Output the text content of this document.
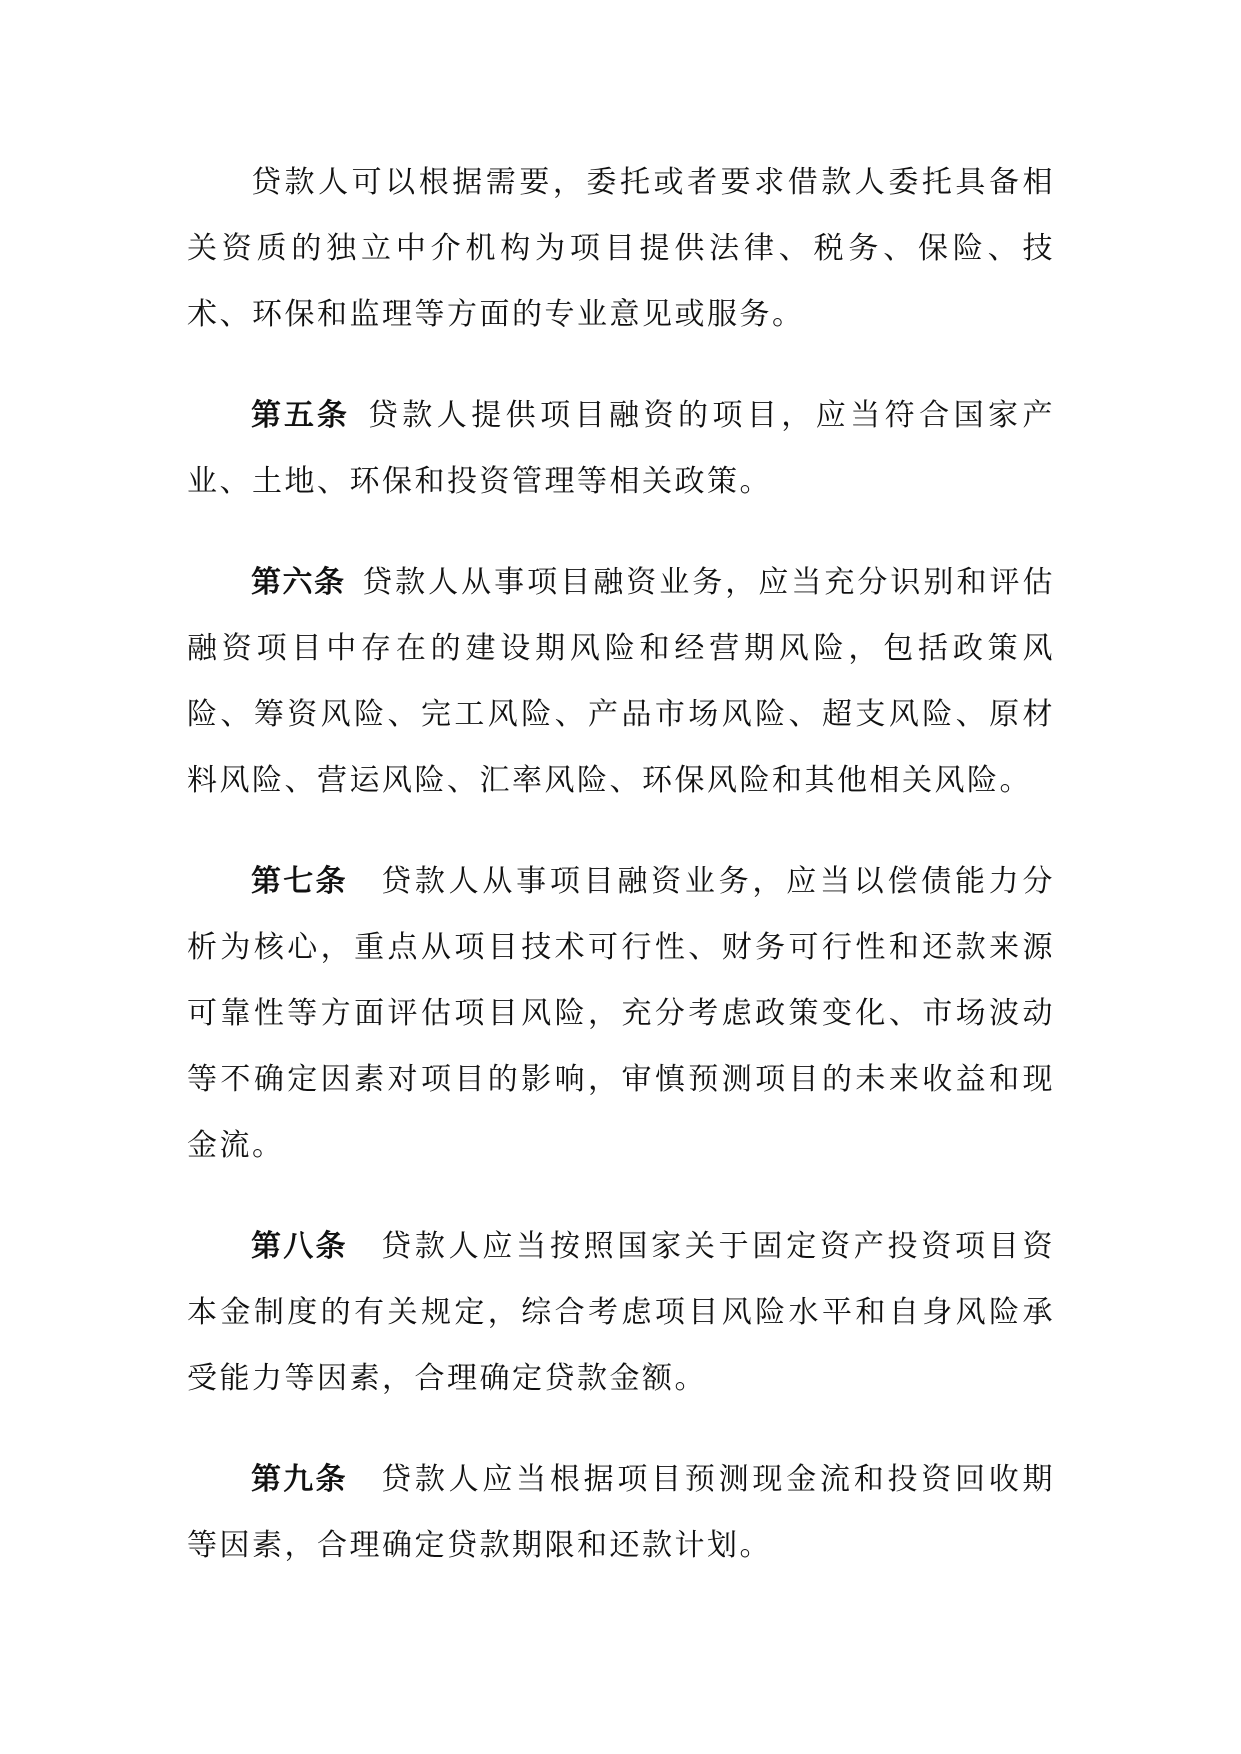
贷款人可以根据需要，委托或者要求借款人委托具备相关资质的独立中介机构为项目提供法律、税务、保险、技术、环保和监理等方面的专业意见或服务。

第五条 贷款人提供项目融资的项目，应当符合国家产业、土地、环保和投资管理等相关政策。

第六条 贷款人从事项目融资业务，应当充分识别和评估融资项目中存在的建设期风险和经营期风险，包括政策风险、筹资风险、完工风险、产品市场风险、超支风险、原材料风险、营运风险、汇率风险、环保风险和其他相关风险。

第七条 贷款人从事项目融资业务，应当以偿债能力分析为核心，重点从项目技术可行性、财务可行性和还款来源可靠性等方面评估项目风险，充分考虑政策变化、市场波动等不确定因素对项目的影响，审慎预测项目的未来收益和现金流。

第八条 贷款人应当按照国家关于固定资产投资项目资本金制度的有关规定，综合考虑项目风险水平和自身风险承受能力等因素，合理确定贷款金额。

第九条 贷款人应当根据项目预测现金流和投资回收期等因素，合理确定贷款期限和还款计划。
